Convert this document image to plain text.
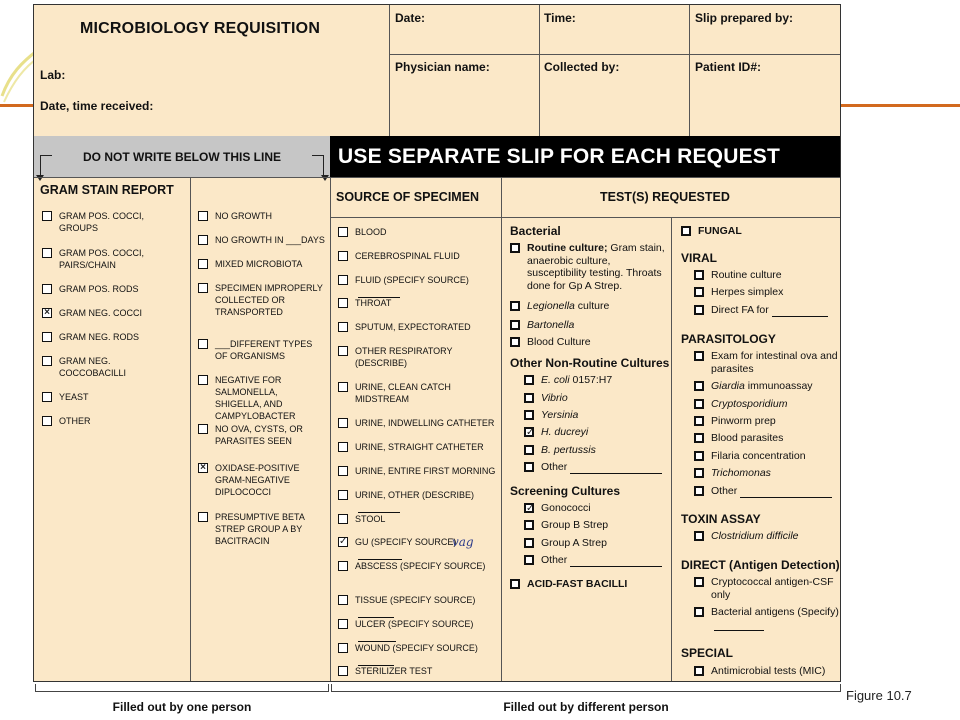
MICROBIOLOGY REQUISITION
Lab:
Date, time received:
Date:	Time:	Slip prepared by:
Physician name:	Collected by:	Patient ID#:
DO NOT WRITE BELOW THIS LINE	USE SEPARATE SLIP FOR EACH REQUEST
GRAM STAIN REPORT
GRAM POS. COCCI, GROUPS
GRAM POS. COCCI, PAIRS/CHAIN
GRAM POS. RODS
× GRAM NEG. COCCI
GRAM NEG. RODS
GRAM NEG. COCCOBACILLI
YEAST
OTHER
NO GROWTH
NO GROWTH IN ___DAYS
MIXED MICROBIOTA
SPECIMEN IMPROPERLY COLLECTED OR TRANSPORTED
___DIFFERENT TYPES OF ORGANISMS
NEGATIVE FOR SALMONELLA, SHIGELLA, AND CAMPYLOBACTER
NO OVA, CYSTS, OR PARASITES SEEN
× OXIDASE-POSITIVE GRAM-NEGATIVE DIPLOCOCCI
PRESUMPTIVE BETA STREP GROUP A BY BACITRACIN
SOURCE OF SPECIMEN
BLOOD
CEREBROSPINAL FLUID
FLUID (SPECIFY SOURCE)
THROAT
SPUTUM, EXPECTORATED
OTHER RESPIRATORY (DESCRIBE)
URINE, CLEAN CATCH MIDSTREAM
URINE, INDWELLING CATHETER
URINE, STRAIGHT CATHETER
URINE, ENTIRE FIRST MORNING
URINE, OTHER (DESCRIBE)
STOOL
✓ GU (SPECIFY SOURCE)
ABSCESS (SPECIFY SOURCE)
TISSUE (SPECIFY SOURCE)
ULCER (SPECIFY SOURCE)
WOUND (SPECIFY SOURCE)
STERILIZER TEST
vag
TEST(S) REQUESTED
Bacterial
Routine culture; Gram stain, anaerobic culture, susceptibility testing. Throats done for Gp A Strep.
Legionella culture
Bartonella
Blood Culture
Other Non-Routine Cultures
E. coli 0157:H7
Vibrio
Yersinia
✓ H. ducreyi
B. pertussis
Other
Screening Cultures
✓ Gonococci
Group B Strep
Group A Strep
Other
ACID-FAST BACILLI
FUNGAL
VIRAL
Routine culture
Herpes simplex
Direct FA for
PARASITOLOGY
Exam for intestinal ova and parasites
Giardia immunoassay
Cryptosporidium
Pinworm prep
Blood parasites
Filaria concentration
Trichomonas
Other
TOXIN ASSAY
Clostridium difficile
DIRECT (Antigen Detection)
Cryptococcal antigen-CSF only
Bacterial antigens (Specify)
SPECIAL
Antimicrobial tests (MIC)
Filled out by one person	Filled out by different person
Figure 10.7
